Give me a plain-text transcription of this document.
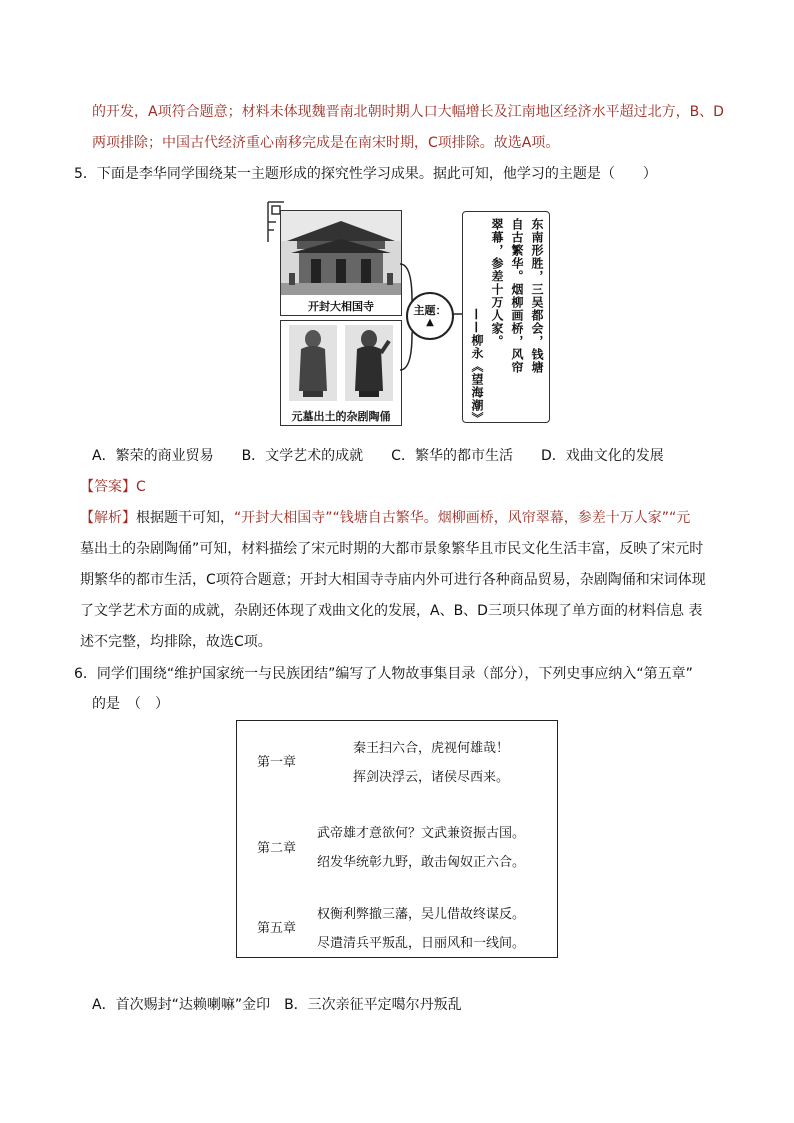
的开发，A项符合题意；材料未体现魏晋南北朝时期人口大幅增长及江南地区经济水平超过北方，B、D
两项排除；中国古代经济重心南移完成是在南宋时期，C项排除。故选A项。
5．下面是李华同学围绕某一主题形成的探究性学习成果。据此可知，他学习的主题是（　　）
开封大相国寺
元墓出土的杂剧陶俑
主题：
▲	东南形胜，三吴都会，钱塘
自古繁华。烟柳画桥，风帘
翠幕，参差十万人家。
——柳永《望海潮》
A．繁荣的商业贸易　　B．文学艺术的成就　　C．繁华的都市生活　　D．戏曲文化的发展
【答案】C
【解析】根据题干可知，“开封大相国寺”“钱塘自古繁华。烟柳画桥，风帘翠幕，参差十万人家”“元
墓出土的杂剧陶俑”可知，材料描绘了宋元时期的大都市景象繁华且市民文化生活丰富，反映了宋元时
期繁华的都市生活，C项符合题意；开封大相国寺寺庙内外可进行各种商品贸易，杂剧陶俑和宋词体现
了文学艺术方面的成就，杂剧还体现了戏曲文化的发展，A、B、D三项只体现了单方面的材料信息 表
述不完整，均排除，故选C项。
6．同学们围绕“维护国家统一与民族团结”编写了人物故事集目录（部分），下列史事应纳入“第五章”
的是　（　）
第一章
秦王扫六合，虎视何雄哉！
挥剑决浮云，诸侯尽西来。
第二章
武帝雄才意欲何？文武兼资振古国。
绍发华统彰九野，敢击匈奴正六合。
第五章
权衡利弊撤三藩，吴儿借故终谋反。
尽遣清兵平叛乱，日丽风和一线间。
A．首次赐封“达赖喇嘛”金印　B．三次亲征平定噶尔丹叛乱
